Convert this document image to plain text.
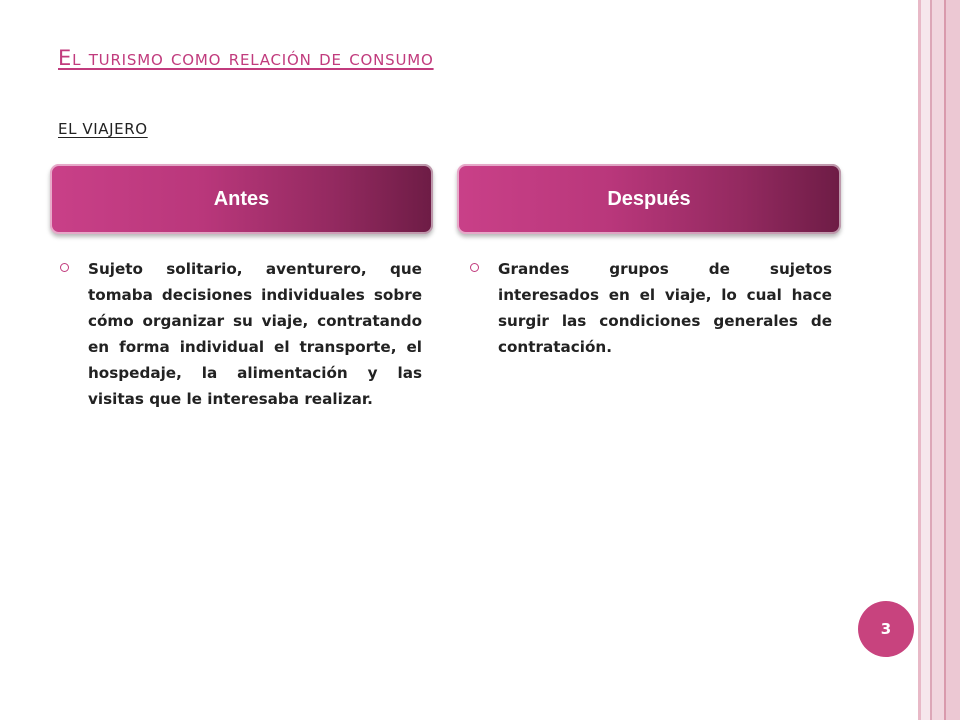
El turismo como relación de consumo
EL VIAJERO
Antes	Después
Sujeto solitario, aventurero, que tomaba decisiones individuales sobre cómo organizar su viaje, contratando en forma individual el transporte, el hospedaje, la alimentación y las visitas que le interesaba realizar.
Grandes grupos de sujetos interesados en el viaje, lo cual hace surgir las condiciones generales de contratación.
3
